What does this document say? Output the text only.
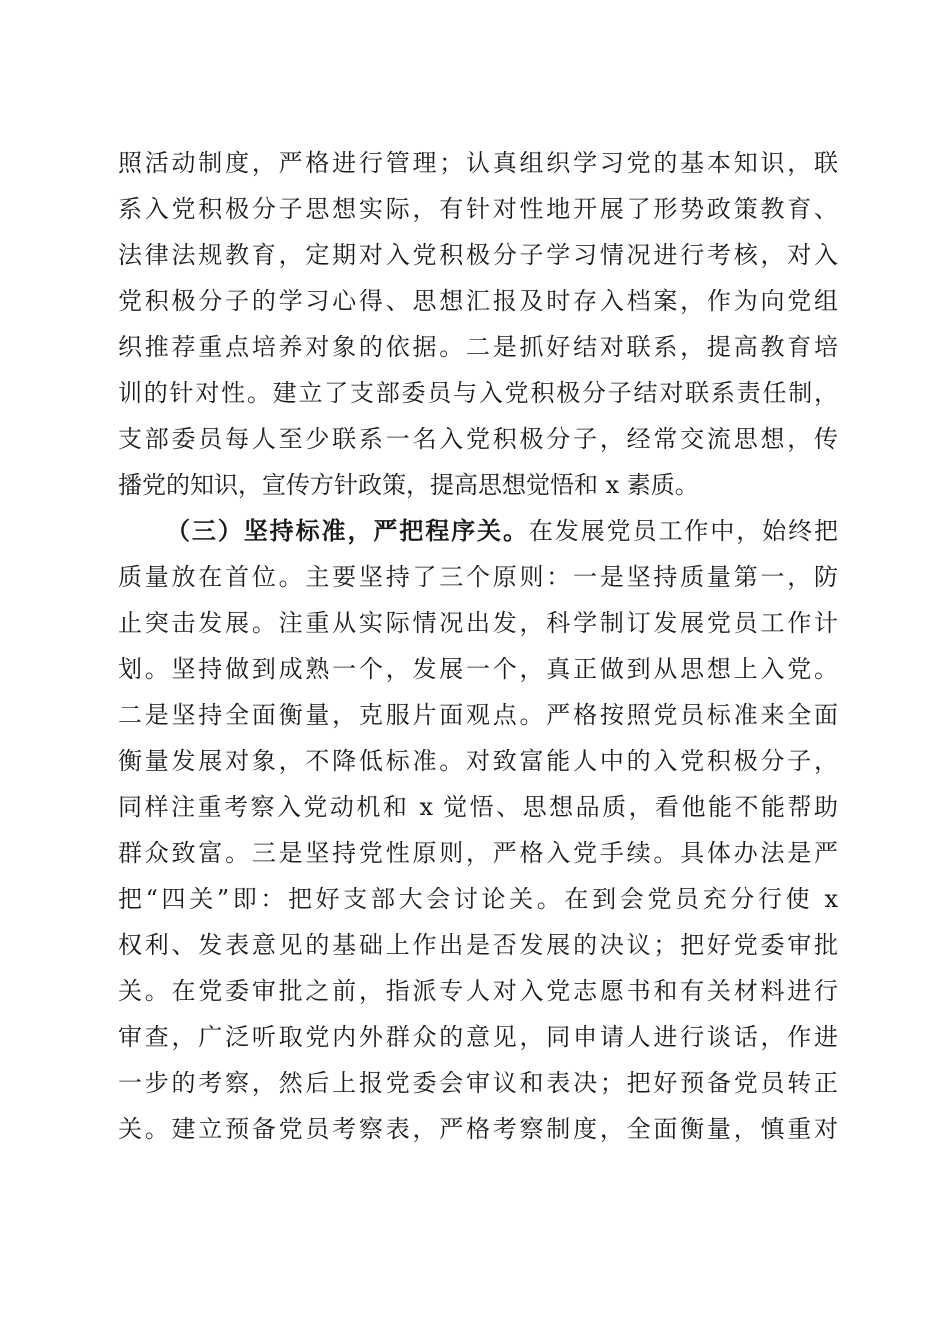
照活动制度，严格进行管理；认真组织学习党的基本知识，联
系入党积极分子思想实际，有针对性地开展了形势政策教育、
法律法规教育，定期对入党积极分子学习情况进行考核，对入
党积极分子的学习心得、思想汇报及时存入档案，作为向党组
织推荐重点培养对象的依据。二是抓好结对联系，提高教育培
训的针对性。建立了支部委员与入党积极分子结对联系责任制，
支部委员每人至少联系一名入党积极分子，经常交流思想，传
播党的知识，宣传方针政策，提高思想觉悟和 x 素质。
（三）坚持标准，严把程序关。在发展党员工作中，始终把
质量放在首位。主要坚持了三个原则：一是坚持质量第一，防
止突击发展。注重从实际情况出发，科学制订发展党员工作计
划。坚持做到成熟一个，发展一个，真正做到从思想上入党。
二是坚持全面衡量，克服片面观点。严格按照党员标准来全面
衡量发展对象，不降低标准。对致富能人中的入党积极分子，
同样注重考察入党动机和 x 觉悟、思想品质，看他能不能帮助
群众致富。三是坚持党性原则，严格入党手续。具体办法是严
把“四关”即：把好支部大会讨论关。在到会党员充分行使 x
权利、发表意见的基础上作出是否发展的决议；把好党委审批
关。在党委审批之前，指派专人对入党志愿书和有关材料进行
审查，广泛听取党内外群众的意见，同申请人进行谈话，作进
一步的考察，然后上报党委会审议和表决；把好预备党员转正
关。建立预备党员考察表，严格考察制度，全面衡量，慎重对
